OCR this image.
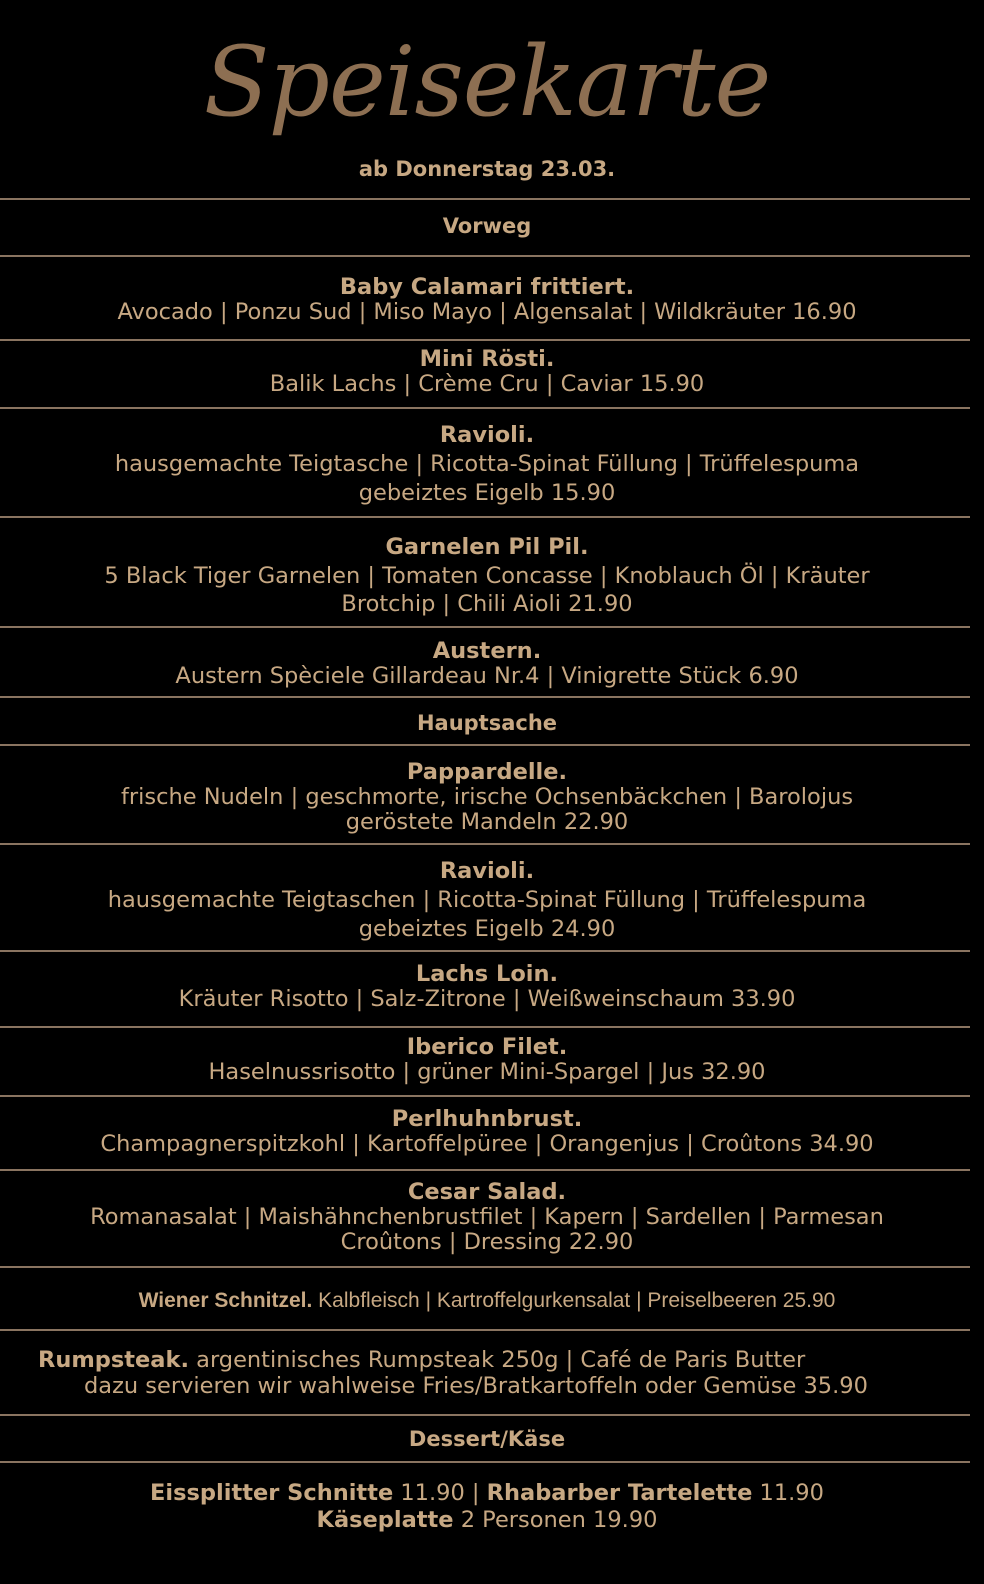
Speisekarte
ab Donnerstag 23.03.
Vorweg
Baby Calamari frittiert.
Avocado | Ponzu Sud | Miso Mayo | Algensalat | Wildkräuter 16.90
Mini Rösti.
Balik Lachs | Crème Cru | Caviar 15.90
Ravioli.
hausgemachte Teigtasche | Ricotta-Spinat Füllung | Trüffelespuma
gebeiztes Eigelb 15.90
Garnelen Pil Pil.
5 Black Tiger Garnelen | Tomaten Concasse | Knoblauch Öl | Kräuter
Brotchip | Chili Aioli 21.90
Austern.
Austern Spèciele Gillardeau Nr.4 | Vinigrette Stück 6.90
Hauptsache
Pappardelle.
frische Nudeln | geschmorte, irische Ochsenbäckchen | Barolojus
geröstete Mandeln 22.90
Ravioli.
hausgemachte Teigtaschen | Ricotta-Spinat Füllung | Trüffelespuma
gebeiztes Eigelb 24.90
Lachs Loin.
Kräuter Risotto | Salz-Zitrone | Weißweinschaum 33.90
Iberico Filet.
Haselnussrisotto | grüner Mini-Spargel | Jus 32.90
Perlhuhnbrust.
Champagnerspitzkohl | Kartoffelpüree | Orangenjus | Croûtons 34.90
Cesar Salad.
Romanasalat | Maishähnchenbrustfilet | Kapern | Sardellen | Parmesan
Croûtons | Dressing 22.90
Wiener Schnitzel. Kalbfleisch | Kartroffelgurkensalat | Preiselbeeren 25.90
Rumpsteak. argentinisches Rumpsteak 250g | Café de Paris Butter
dazu servieren wir wahlweise Fries/Bratkartoffeln oder Gemüse 35.90
Dessert/Käse
Eissplitter Schnitte 11.90 | Rhabarber Tartelette 11.90
Käseplatte 2 Personen 19.90
